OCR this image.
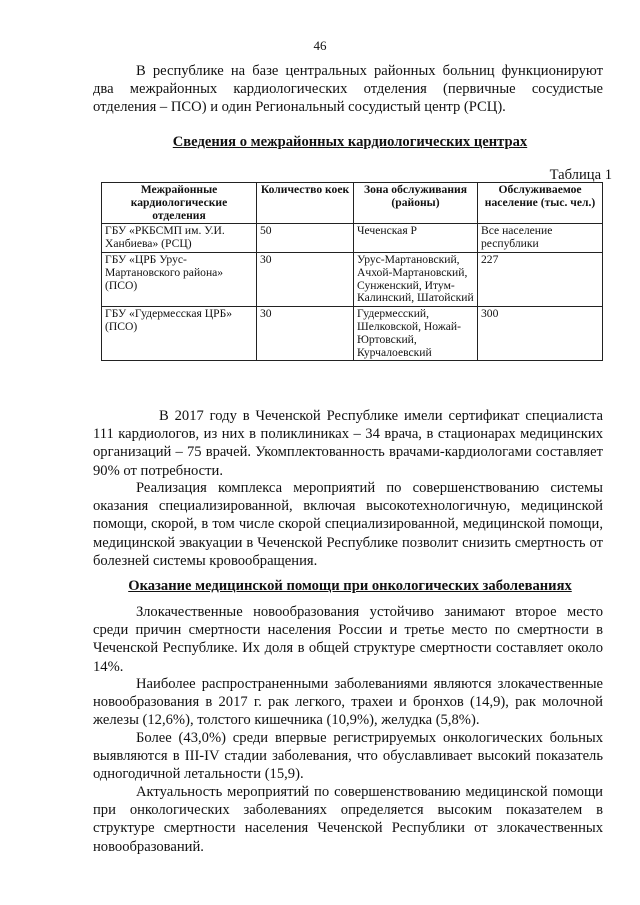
46

В республике на базе центральных районных больниц функционируют два межрайонных кардиологических отделения (первичные сосудистые отделения – ПСО) и один Региональный сосудистый центр (РСЦ).

Сведения о межрайонных кардиологических центрах

Таблица 1
Межрайонные кардиологические отделения	Количество коек	Зона обслуживания (районы)	Обслуживаемое население (тыс. чел.)
ГБУ «РКБСМП им. У.И. Ханбиева» (РСЦ)	50	Чеченская Р	Все население республики
ГБУ «ЦРБ Урус-Мартановского района» (ПСО)	30	Урус-Мартановский, Ачхой-Мартановский, Сунженский, Итум-Калинский, Шатойский	227
ГБУ «Гудермесская ЦРБ» (ПСО)	30	Гудермесский, Шелковской, Ножай-Юртовский, Курчалоевский	300

В 2017 году в Чеченской Республике имели сертификат специалиста 111 кардиологов, из них в поликлиниках – 34 врача, в стационарах медицинских организаций – 75 врачей. Укомплектованность врачами-кардиологами составляет 90% от потребности.

Реализация комплекса мероприятий по совершенствованию системы оказания специализированной, включая высокотехнологичную, медицинской помощи, скорой, в том числе скорой специализированной, медицинской помощи, медицинской эвакуации в Чеченской Республике позволит снизить смертность от болезней системы кровообращения.

Оказание медицинской помощи при онкологических заболеваниях

Злокачественные новообразования устойчиво занимают второе место среди причин смертности населения России и третье место по смертности в Чеченской Республике. Их доля в общей структуре смертности составляет около 14%.

Наиболее распространенными заболеваниями являются злокачественные новообразования в 2017 г. рак легкого, трахеи и бронхов (14,9), рак молочной железы (12,6%), толстого кишечника (10,9%), желудка (5,8%).

Более (43,0%) среди впервые регистрируемых онкологических больных выявляются в III-IV стадии заболевания, что обуславливает высокий показатель одногодичной летальности (15,9).

Актуальность мероприятий по совершенствованию медицинской помощи при онкологических заболеваниях определяется высоким показателем в структуре смертности населения Чеченской Республики от злокачественных новообразований.
